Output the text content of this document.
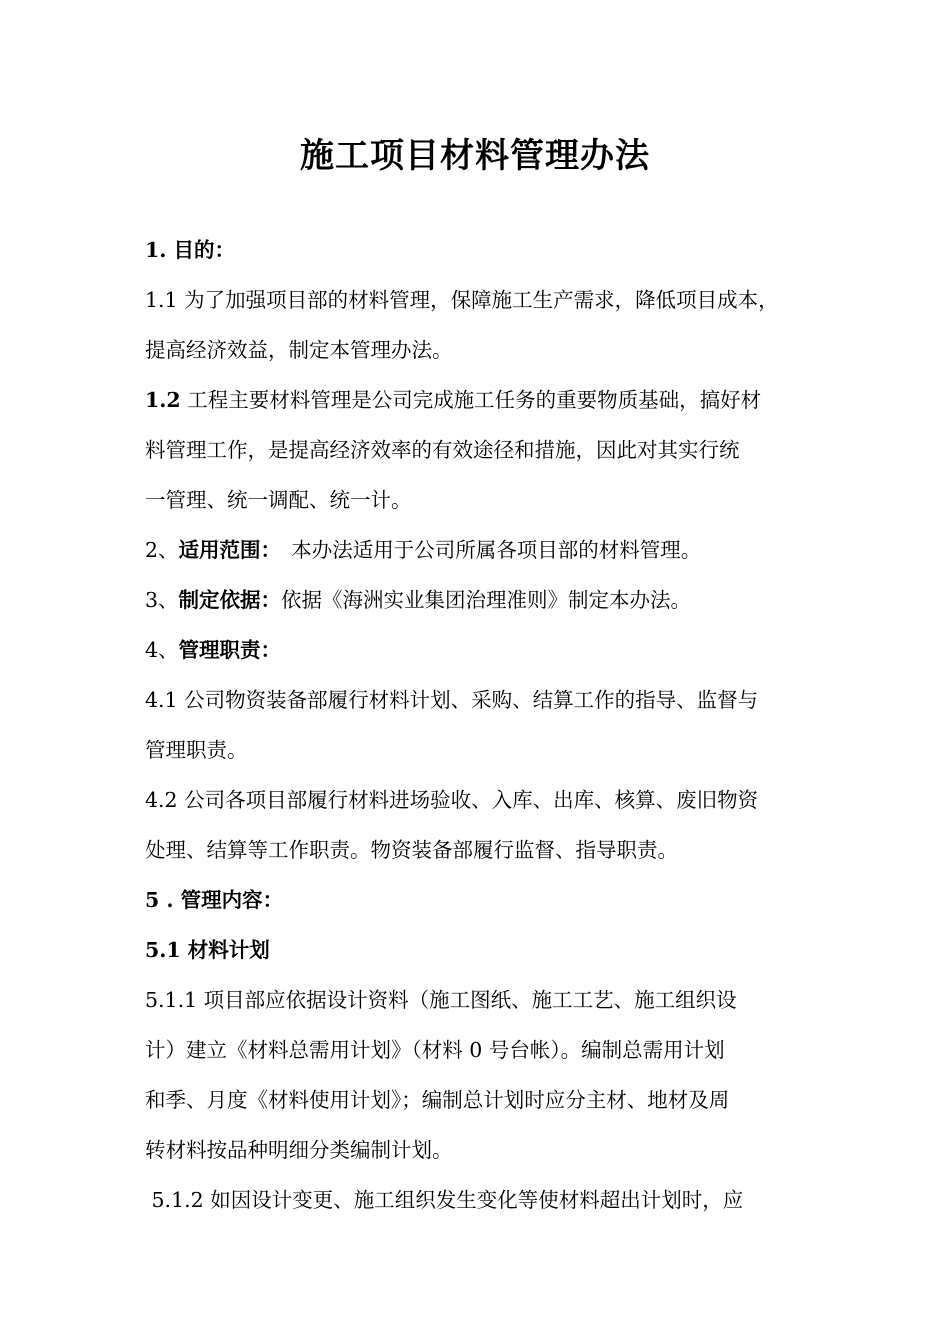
施工项目材料管理办法
1. 目的：
1.1 为了加强项目部的材料管理，保障施工生产需求，降低项目成本，
提高经济效益，制定本管理办法。
1.2 工程主要材料管理是公司完成施工任务的重要物质基础，搞好材
料管理工作，是提高经济效率的有效途径和措施，因此对其实行统
一管理、统一调配、统一计。
2、适用范围：　本办法适用于公司所属各项目部的材料管理。
3、制定依据：依据《海洲实业集团治理准则》制定本办法。
4、管理职责：
4.1 公司物资装备部履行材料计划、采购、结算工作的指导、监督与
管理职责。
4.2 公司各项目部履行材料进场验收、入库、出库、核算、废旧物资
处理、结算等工作职责。物资装备部履行监督、指导职责。
5 . 管理内容：
5.1 材料计划
5.1.1 项目部应依据设计资料（施工图纸、施工工艺、施工组织设
计）建立《材料总需用计划》（材料 0 号台帐）。编制总需用计划
和季、月度《材料使用计划》；编制总计划时应分主材、地材及周
转材料按品种明细分类编制计划。
5.1.2 如因设计变更、施工组织发生变化等使材料超出计划时，应
